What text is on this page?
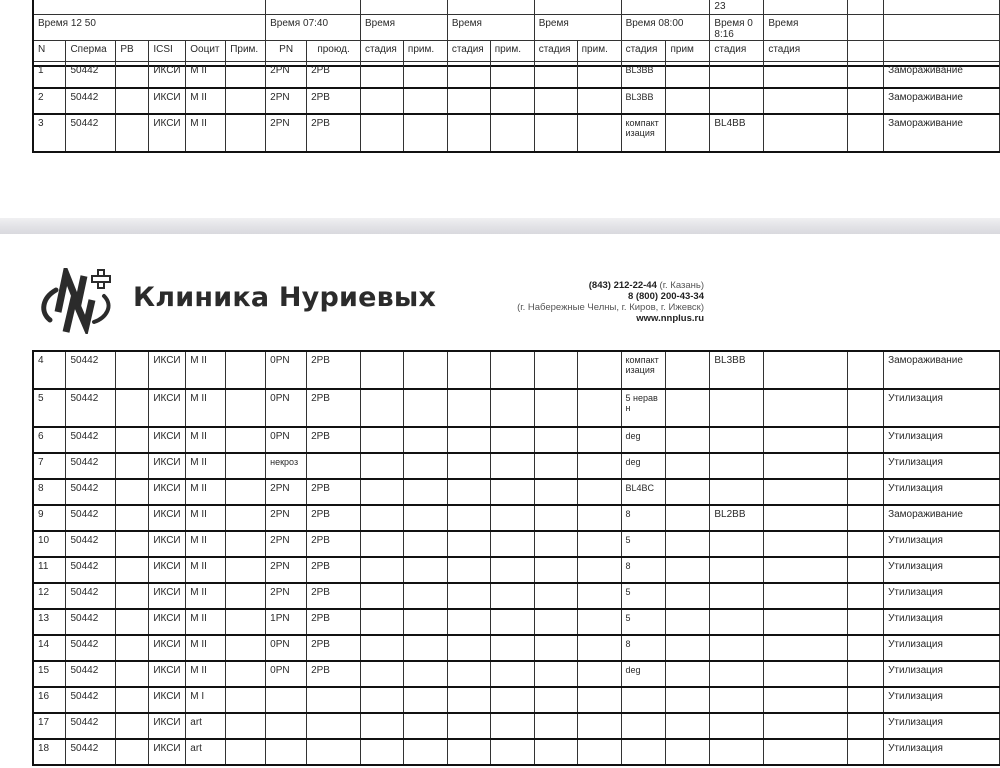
																23			
Время 12 50						Время 07:40		Время		Время		Время		Время 08:00		Время 08:16	Время		
N	Сперма	PB	ICSI	Ооцит	Прим.	PN	проюд.	стадия	прим.	стадия	прим.	стадия	прим.	стадия	прим	стадия	стадия		
1	50442		ИКСИ	M II		2PN	2PB							BL3BB					Замораживание
2	50442		ИКСИ	M II		2PN	2PB							BL3BB					Замораживание
3	50442		ИКСИ	M II		2PN	2PB							компактизация		BL4BB			Замораживание
Клиника Нуриевых	(843) 212-22-44 (г. Казань)
8 (800) 200-43-34
(г. Набережные Челны, г. Киров, г. Ижевск)
www.nnplus.ru
4	50442		ИКСИ	M II		0PN	2PB							компактизация		BL3BB			Замораживание
5	50442		ИКСИ	M II		0PN	2PB							5 неравн					Утилизация
6	50442		ИКСИ	M II		0PN	2PB							deg					Утилизация
7	50442		ИКСИ	M II		некроз								deg					Утилизация
8	50442		ИКСИ	M II		2PN	2PB							BL4BC					Утилизация
9	50442		ИКСИ	M II		2PN	2PB							8		BL2BB			Замораживание
10	50442		ИКСИ	M II		2PN	2PB							5					Утилизация
11	50442		ИКСИ	M II		2PN	2PB							8					Утилизация
12	50442		ИКСИ	M II		2PN	2PB							5					Утилизация
13	50442		ИКСИ	M II		1PN	2PB							5					Утилизация
14	50442		ИКСИ	M II		0PN	2PB							8					Утилизация
15	50442		ИКСИ	M II		0PN	2PB							deg					Утилизация
16	50442		ИКСИ	M I															Утилизация
17	50442		ИКСИ	art															Утилизация
18	50442		ИКСИ	art															Утилизация
